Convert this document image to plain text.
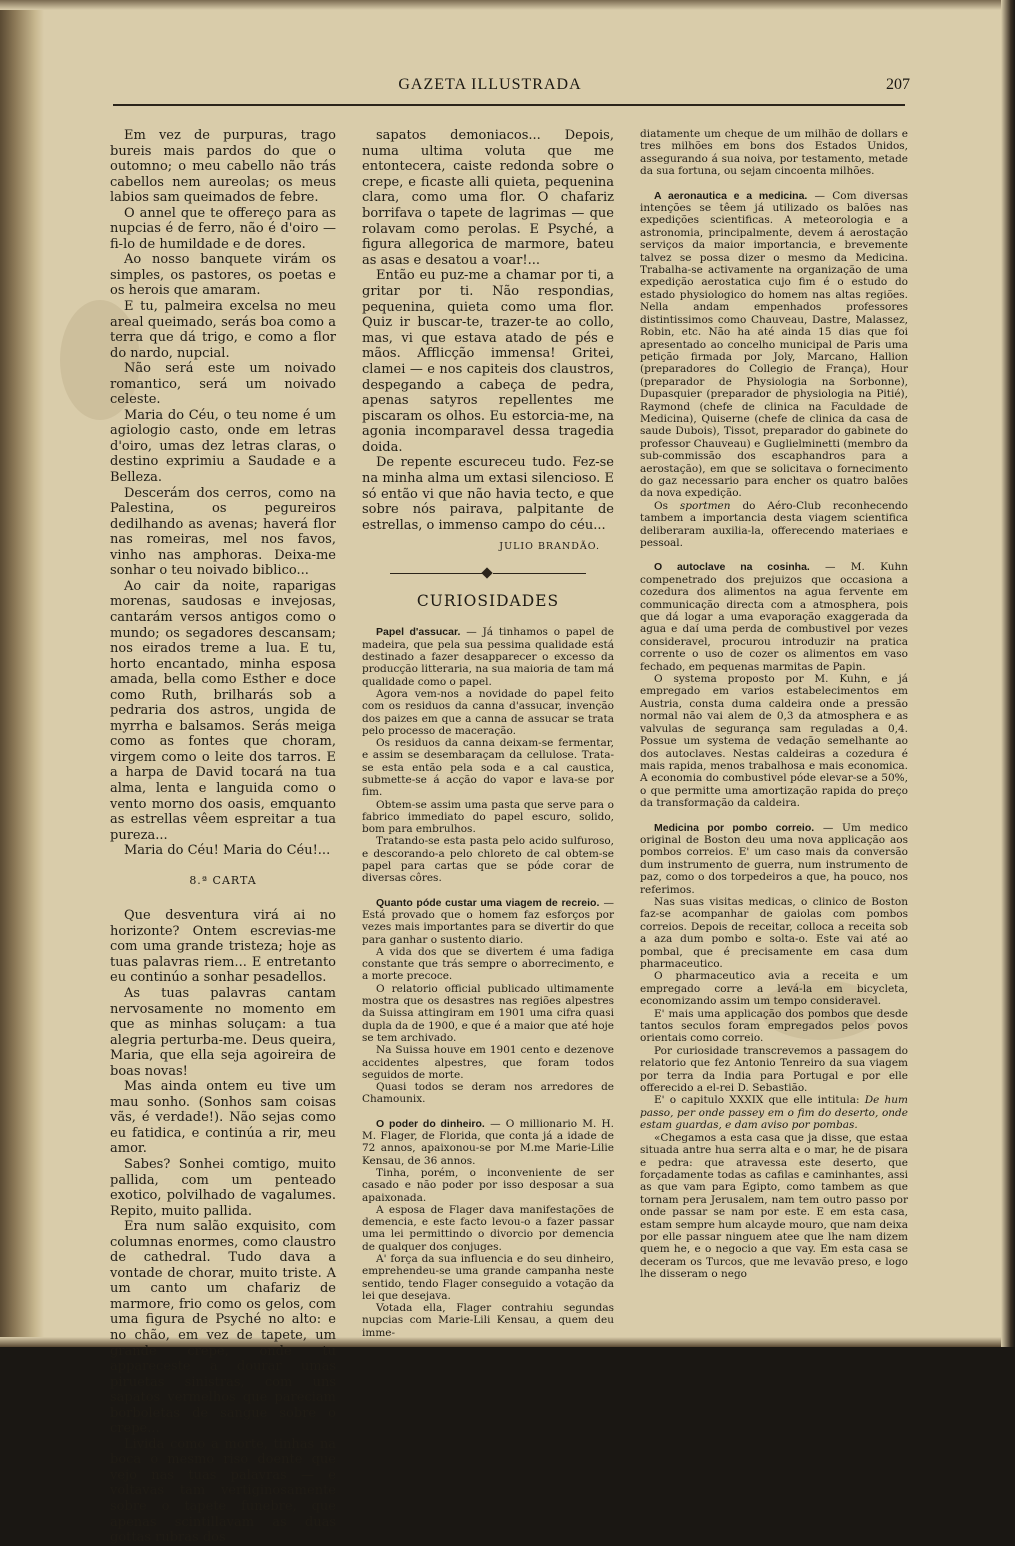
GAZETA ILLUSTRADA	207

Em vez de purpuras, trago bureis mais pardos do que o outomno; o meu cabello não trás cabellos nem aureolas; os meus labios sam queimados de febre.

O annel que te offereço para as nupcias é de ferro, não é d'oiro — fi-lo de humildade e de dores.

Ao nosso banquete virám os simples, os pastores, os poetas e os herois que amaram.

E tu, palmeira excelsa no meu areal queimado, serás boa como a terra que dá trigo, e como a flor do nardo, nupcial.

Não será este um noivado romantico, será um noivado celeste.

Maria do Céu, o teu nome é um agiologio casto, onde em letras d'oiro, umas dez letras claras, o destino exprimiu a Saudade e a Belleza.

Descerám dos cerros, como na Palestina, os pegureiros dedilhando as avenas; haverá flor nas romeiras, mel nos favos, vinho nas amphoras. Deixa-me sonhar o teu noivado biblico...

Ao cair da noite, raparigas morenas, saudosas e invejosas, cantarám versos antigos como o mundo; os segadores descansam; nos eirados treme a lua. E tu, horto encantado, minha esposa amada, bella como Esther e doce como Ruth, brilharás sob a pedraria dos astros, ungida de myrrha e balsamos. Serás meiga como as fontes que choram, virgem como o leite dos tarros. E a harpa de David tocará na tua alma, lenta e languida como o vento morno dos oasis, emquanto as estrellas vêem espreitar a tua pureza...

Maria do Céu! Maria do Céu!...

8.ª CARTA

Que desventura virá ai no horizonte? Ontem escrevias-me com uma grande tristeza; hoje as tuas palavras riem... E entretanto eu continúo a sonhar pesadellos.

As tuas palavras cantam nervosamente no momento em que as minhas soluçam: a tua alegria perturba-me. Deus queira, Maria, que ella seja agoireira de boas novas!

Mas ainda ontem eu tive um mau sonho. (Sonhos sam coisas vãs, é verdade!). Não sejas como eu fatidica, e continúa a rir, meu amor.

Sabes? Sonhei comtigo, muito pallida, com um penteado exotico, polvilhado de vagalumes. Repito, muito pallida.

Era num salão exquisito, com columnas enormes, como claustro de cathedral. Tudo dava a vontade de chorar, muito triste. A um canto um chafariz de marmore, frio como os gelos, com uma figura de Psyché no alto: e no chão, em vez de tapete, um grande crepe, onde tu appareceste a dourar umas piruetas sinistras, com uns sapatos vermelhos que pareciam borboletas de sangue sobre o crepe...

Livida como a morte, tinhas na boca o mesmo riso doente que vejo nas tuas palavras — e voltavas tam vertiginosamente sobre o tapete funebre, que apenas scintillavam as duas gottas rubras dos

sapatos demoniacos... Depois, numa ultima voluta que me entontecera, caiste redonda sobre o crepe, e ficaste alli quieta, pequenina clara, como uma flor. O chafariz borrifava o tapete de lagrimas — que rolavam como perolas. E Psyché, a figura allegorica de marmore, bateu as asas e desatou a voar!...

Então eu puz-me a chamar por ti, a gritar por ti. Não respondias, pequenina, quieta como uma flor. Quiz ir buscar-te, trazer-te ao collo, mas, vi que estava atado de pés e mãos. Afflicção immensa! Gritei, clamei — e nos capiteis dos claustros, despegando a cabeça de pedra, apenas satyros repellentes me piscaram os olhos. Eu estorcia-me, na agonia incomparavel dessa tragedia doida.

De repente escureceu tudo. Fez-se na minha alma um extasi silencioso. E só então vi que não havia tecto, e que sobre nós pairava, palpitante de estrellas, o immenso campo do céu...

JULIO BRANDÃO.
CURIOSIDADES

Papel d'assucar. — Já tinhamos o papel de madeira, que pela sua pessima qualidade está destinado a fazer desapparecer o excesso da producção litteraria, na sua maioria de tam má qualidade como o papel.

Agora vem-nos a novidade do papel feito com os residuos da canna d'assucar, invenção dos paizes em que a canna de assucar se trata pelo processo de maceração.

Os residuos da canna deixam-se fermentar, e assim se desembaraçam da cellulose. Trata-se esta então pela soda e a cal caustica, submette-se á acção do vapor e lava-se por fim.

Obtem-se assim uma pasta que serve para o fabrico immediato do papel escuro, solido, bom para embrulhos.

Tratando-se esta pasta pelo acido sulfuroso, e descorando-a pelo chloreto de cal obtem-se papel para cartas que se póde corar de diversas côres.

Quanto póde custar uma viagem de recreio. — Está provado que o homem faz esforços por vezes mais importantes para se divertir do que para ganhar o sustento diario.

A vida dos que se divertem é uma fadiga constante que trás sempre o aborrecimento, e a morte precoce.

O relatorio official publicado ultimamente mostra que os desastres nas regiões alpestres da Suissa attingiram em 1901 uma cifra quasi dupla da de 1900, e que é a maior que até hoje se tem archivado.

Na Suissa houve em 1901 cento e dezenove accidentes alpestres, que foram todos seguidos de morte.

Quasi todos se deram nos arredores de Chamounix.

O poder do dinheiro. — O millionario M. H. M. Flager, de Florida, que conta já a idade de 72 annos, apaixonou-se por M.me Marie-Lilie Kensau, de 36 annos.

Tinha, porém, o inconveniente de ser casado e não poder por isso desposar a sua apaixonada.

A esposa de Flager dava manifestações de demencia, e este facto levou-o a fazer passar uma lei permittindo o divorcio por demencia de qualquer dos conjuges.

A' força da sua influencia e do seu dinheiro, emprehendeu-se uma grande campanha neste sentido, tendo Flager conseguido a votação da lei que desejava.

Votada ella, Flager contrahiu segundas nupcias com Marie-Lili Kensau, a quem deu imme-

diatamente um cheque de um milhão de dollars e tres milhões em bons dos Estados Unidos, assegurando á sua noiva, por testamento, metade da sua fortuna, ou sejam cincoenta milhões.

A aeronautica e a medicina. — Com diversas intenções se têem já utilizado os balões nas expedições scientificas. A meteorologia e a astronomia, principalmente, devem á aerostação serviços da maior importancia, e brevemente talvez se possa dizer o mesmo da Medicina. Trabalha-se activamente na organização de uma expedição aerostatica cujo fim é o estudo do estado physiologico do homem nas altas regiões. Nella andam empenhados professores distintissimos como Chauveau, Dastre, Malassez, Robin, etc. Não ha até ainda 15 dias que foi apresentado ao concelho municipal de Paris uma petição firmada por Joly, Marcano, Hallion (preparadores do Collegio de França), Hour (preparador de Physiologia na Sorbonne), Dupasquier (preparador de physiologia na Pitié), Raymond (chefe de clinica na Faculdade de Medicina), Quiserne (chefe de clinica da casa de saude Dubois), Tissot, preparador do gabinete do professor Chauveau) e Guglielminetti (membro da sub-commissão dos escaphandros para a aerostação), em que se solicitava o fornecimento do gaz necessario para encher os quatro balões da nova expedição.

Os sportmen do Aéro-Club reconhecendo tambem a importancia desta viagem scientifica deliberaram auxilia-la, offerecendo materiaes e pessoal.

O autoclave na cosinha. — M. Kuhn compenetrado dos prejuizos que occasiona a cozedura dos alimentos na agua fervente em communicação directa com a atmosphera, pois que dá logar a uma evaporação exaggerada da agua e daí uma perda de combustivel por vezes consideravel, procurou introduzir na pratica corrente o uso de cozer os alimentos em vaso fechado, em pequenas marmitas de Papin.

O systema proposto por M. Kuhn, e já empregado em varios estabelecimentos em Austria, consta duma caldeira onde a pressão normal não vai alem de 0,3 da atmosphera e as valvulas de segurança sam reguladas a 0,4. Possue um systema de vedação semelhante ao dos autoclaves. Nestas caldeiras a cozedura é mais rapida, menos trabalhosa e mais economica. A economia do combustivel póde elevar-se a 50%, o que permitte uma amortização rapida do preço da transformação da caldeira.

Medicina por pombo correio. — Um medico original de Boston deu uma nova applicação aos pombos correios. E' um caso mais da conversão dum instrumento de guerra, num instrumento de paz, como o dos torpedeiros a que, ha pouco, nos referimos.

Nas suas visitas medicas, o clinico de Boston faz-se acompanhar de gaiolas com pombos correios. Depois de receitar, colloca a receita sob a aza dum pombo e solta-o. Este vai até ao pombal, que é precisamente em casa dum pharmaceutico.

O pharmaceutico avia a receita e um empregado corre a levá-la em bicycleta, economizando assim um tempo consideravel.

E' mais uma applicação dos pombos que desde tantos seculos foram empregados pelos povos orientais como correio.

Por curiosidade transcrevemos a passagem do relatorio que fez Antonio Tenreiro da sua viagem por terra da India para Portugal e por elle offerecido a el-rei D. Sebastião.

E' o capitulo XXXIX que elle intitula: De hum passo, per onde passey em o fim do deserto, onde estam guardas, e dam aviso por pombas.

«Chegamos a esta casa que ja disse, que estaa situada antre hua serra alta e o mar, he de pisara e pedra: que atravessa este deserto, que forçadamente todas as cafilas e caminhantes, assi as que vam para Egipto, como tambem as que tornam pera Jerusalem, nam tem outro passo por onde passar se nam por este. E em esta casa, estam sempre hum alcayde mouro, que nam deixa por elle passar ninguem atee que lhe nam dizem quem he, e o negocio a que vay. Em esta casa se deceram os Turcos, que me levavão preso, e logo lhe disseram o nego
